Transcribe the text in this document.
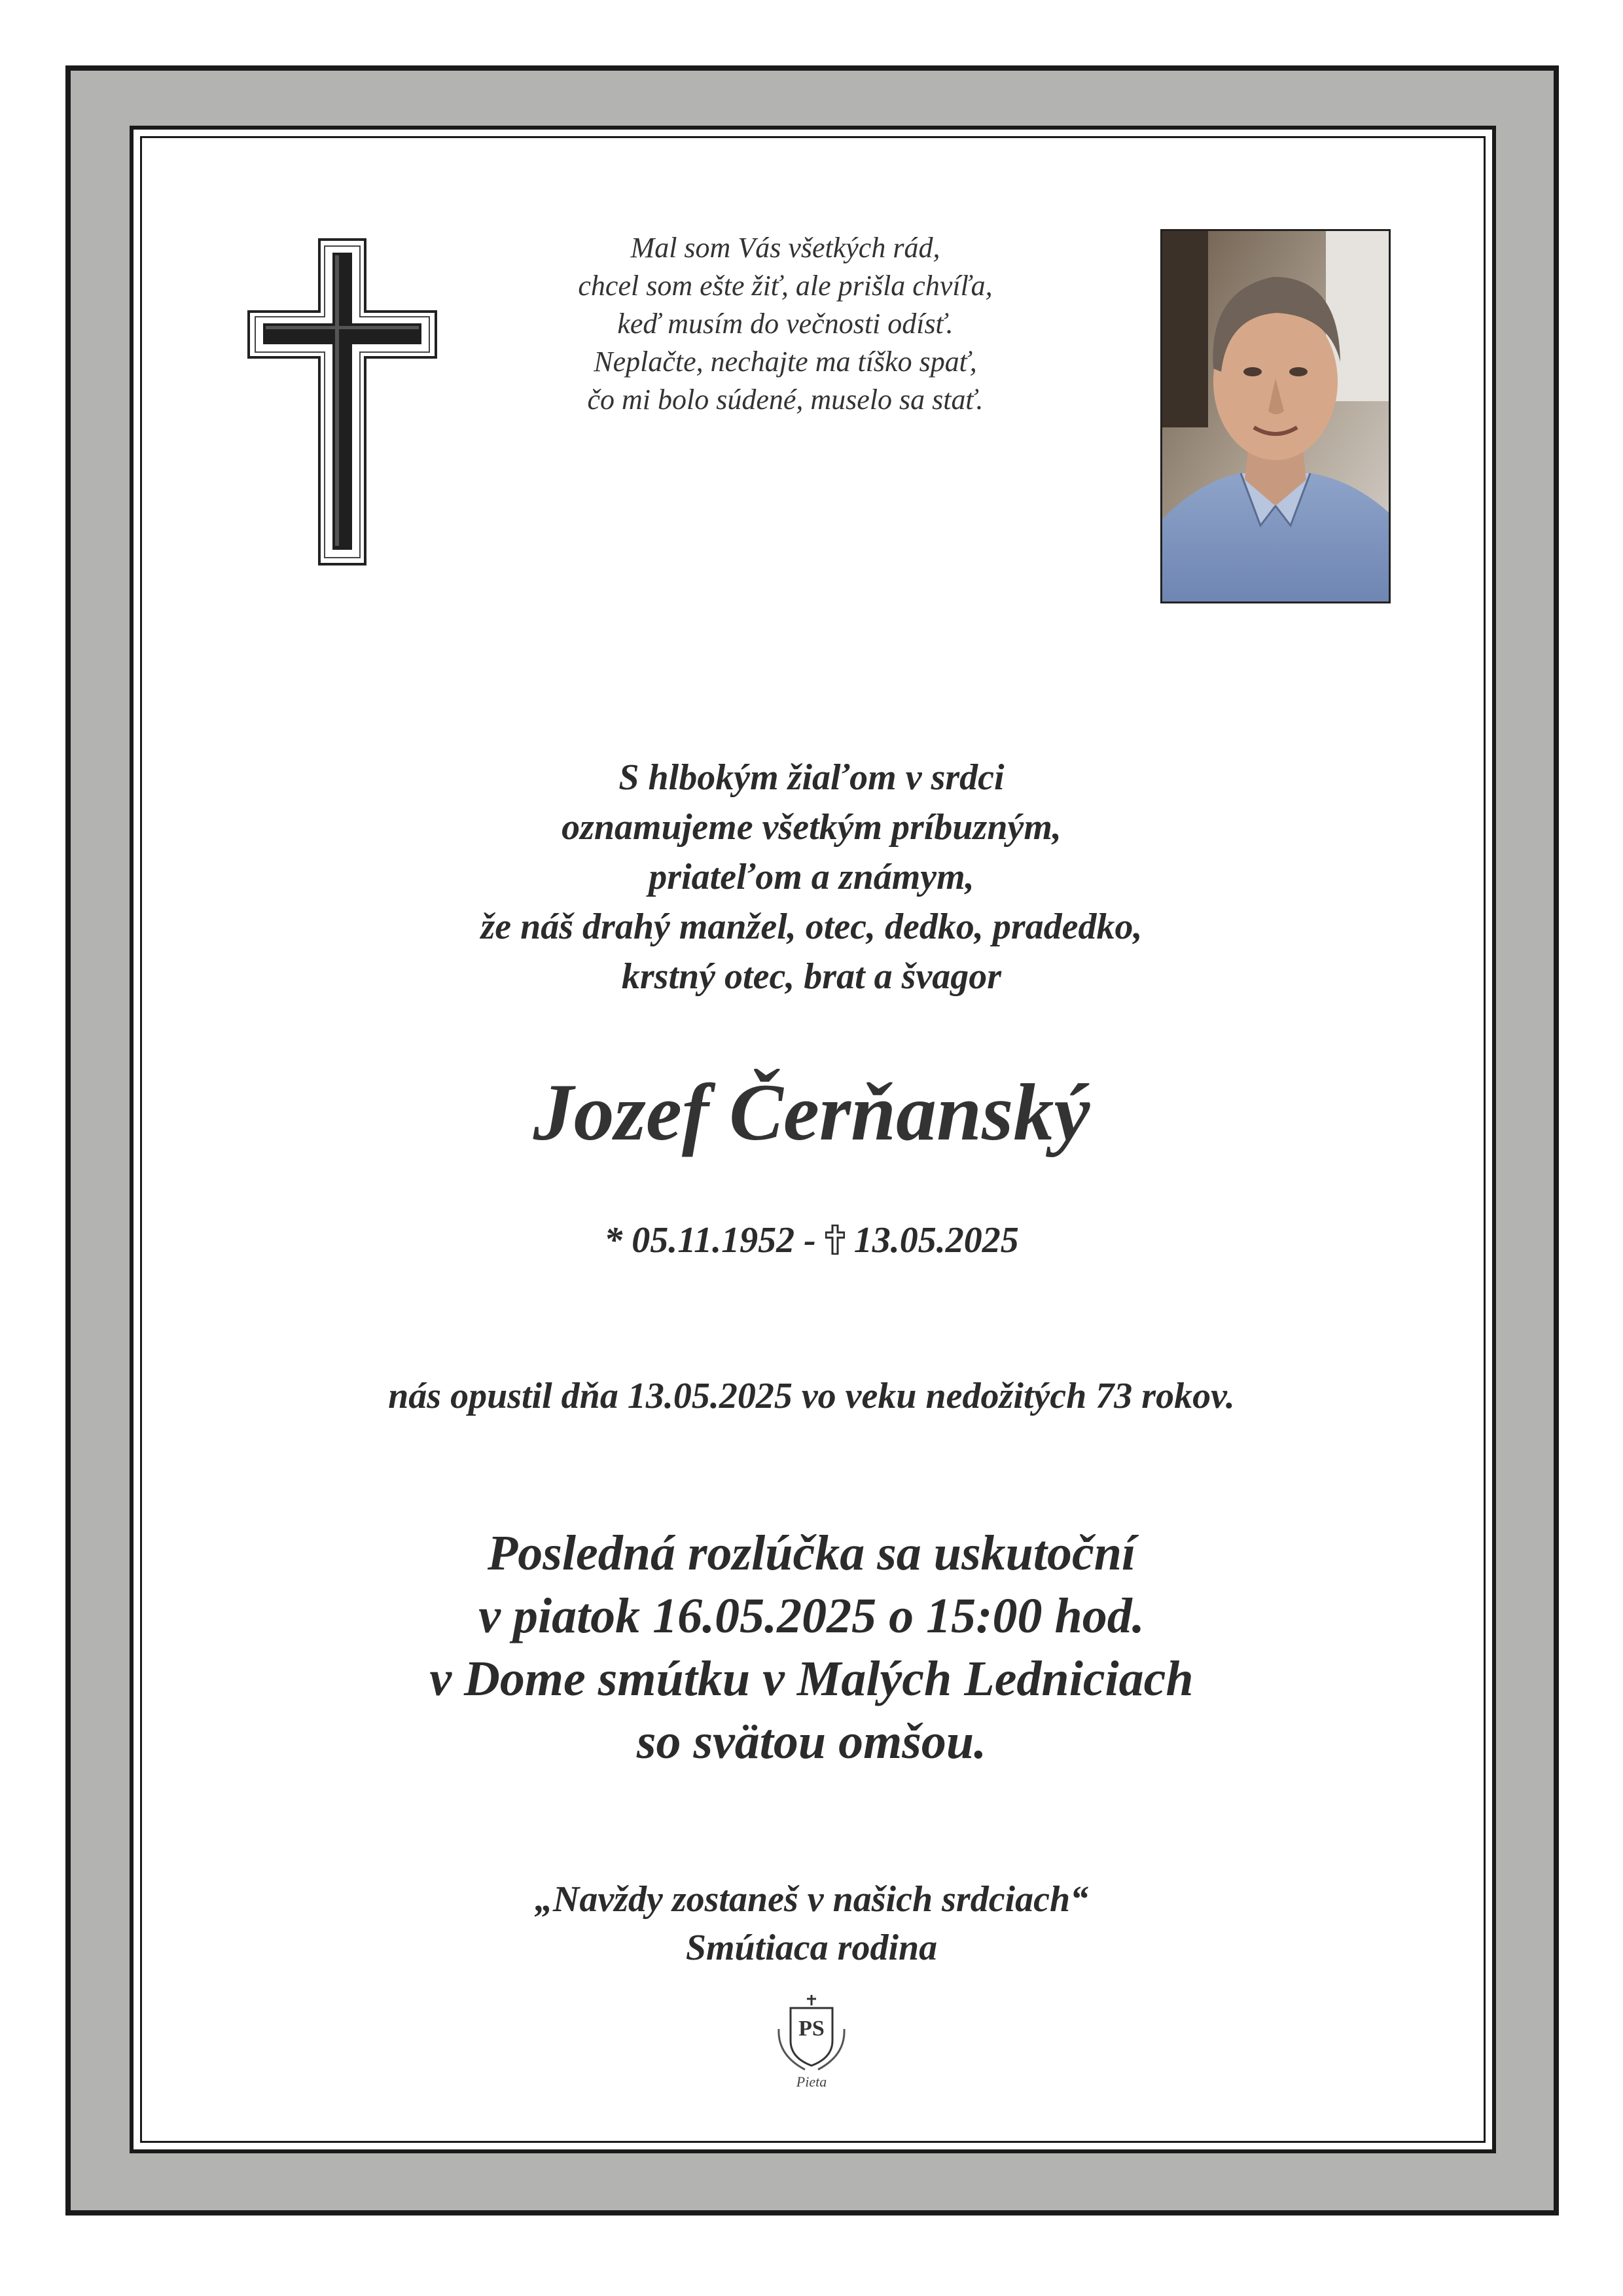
Mal som Vás všetkých rád,
chcel som ešte žiť, ale prišla chvíľa,
keď musím do večnosti odísť.
Neplačte, nechajte ma tíško spať,
čo mi bolo súdené, muselo sa stať.
S hlbokým žiaľom v srdci
oznamujeme všetkým príbuzným,
priateľom a známym,
že náš drahý manžel, otec, dedko, pradedko,
krstný otec, brat a švagor
Jozef Čerňanský
* 05.11.1952 - 13.05.2025
nás opustil dňa 13.05.2025 vo veku nedožitých 73 rokov.
Posledná rozlúčka sa uskutoční
v piatok 16.05.2025 o 15:00 hod.
v Dome smútku v Malých Ledniciach
so svätou omšou.
„Navždy zostaneš v našich srdciach“
Smútiaca rodina
PS
Pieta
